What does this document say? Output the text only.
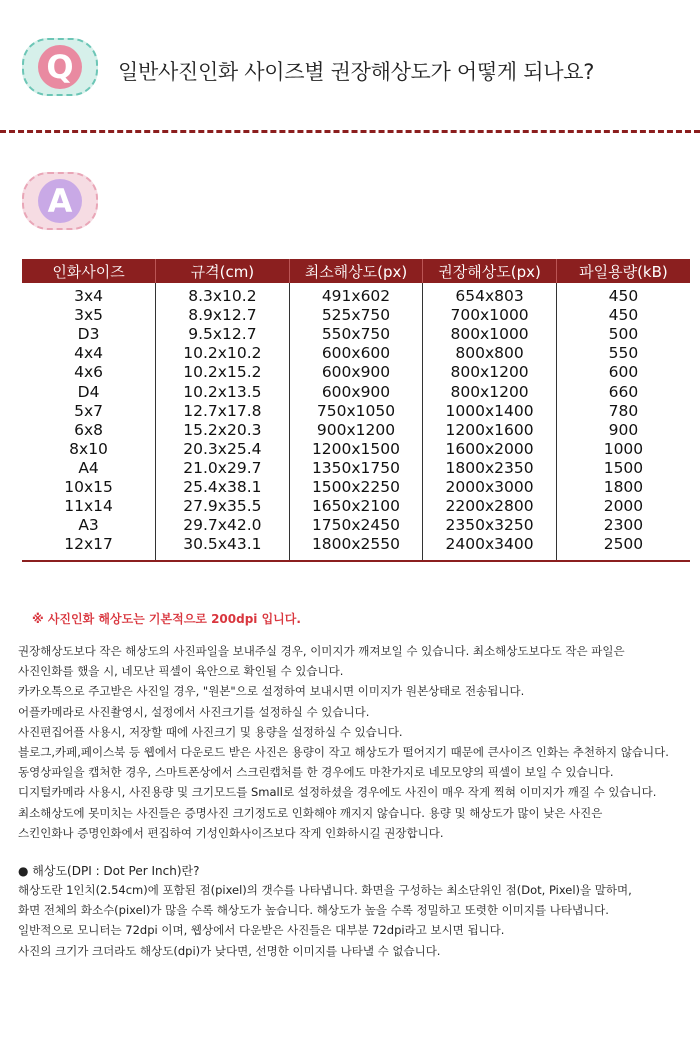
Q	일반사진인화 사이즈별 권장해상도가 어떻게 되나요?
A
인화사이즈	규격(cm)	최소해상도(px)	권장해상도(px)	파일용량(kB)
3x4	8.3x10.2	491x602	654x803	450
3x5	8.9x12.7	525x750	700x1000	450
D3	9.5x12.7	550x750	800x1000	500
4x4	10.2x10.2	600x600	800x800	550
4x6	10.2x15.2	600x900	800x1200	600
D4	10.2x13.5	600x900	800x1200	660
5x7	12.7x17.8	750x1050	1000x1400	780
6x8	15.2x20.3	900x1200	1200x1600	900
8x10	20.3x25.4	1200x1500	1600x2000	1000
A4	21.0x29.7	1350x1750	1800x2350	1500
10x15	25.4x38.1	1500x2250	2000x3000	1800
11x14	27.9x35.5	1650x2100	2200x2800	2000
A3	29.7x42.0	1750x2450	2350x3250	2300
12x17	30.5x43.1	1800x2550	2400x3400	2500
※ 사진인화 해상도는 기본적으로 200dpi 입니다.
권장해상도보다 작은 해상도의 사진파일을 보내주실 경우, 이미지가 깨져보일 수 있습니다. 최소해상도보다도 작은 파일은
사진인화를 했을 시, 네모난 픽셀이 육안으로 확인될 수 있습니다.
카카오톡으로 주고받은 사진일 경우, "원본"으로 설정하여 보내시면 이미지가 원본상태로 전송됩니다.
어플카메라로 사진촬영시, 설정에서 사진크기를 설정하실 수 있습니다.
사진편집어플 사용시, 저장할 때에 사진크기 및 용량을 설정하실 수 있습니다.
블로그,카페,페이스북 등 웹에서 다운로드 받은 사진은 용량이 작고 해상도가 떨어지기 때문에 큰사이즈 인화는 추천하지 않습니다.
동영상파일을 캡처한 경우, 스마트폰상에서 스크린캡처를 한 경우에도 마찬가지로 네모모양의 픽셀이 보일 수 있습니다.
디지털카메라 사용시, 사진용량 및 크기모드를 Small로 설정하셨을 경우에도 사진이 매우 작게 찍혀 이미지가 깨질 수 있습니다.
최소해상도에 못미치는 사진들은 증명사진 크기정도로 인화해야 깨지지 않습니다. 용량 및 해상도가 많이 낮은 사진은
스킨인화나 증명인화에서 편집하여 기성인화사이즈보다 작게 인화하시길 권장합니다.
● 해상도(DPI : Dot Per Inch)란?
해상도란 1인치(2.54cm)에 포함된 점(pixel)의 갯수를 나타냅니다. 화면을 구성하는 최소단위인 점(Dot, Pixel)을 말하며,
화면 전체의 화소수(pixel)가 많을 수록 해상도가 높습니다. 해상도가 높을 수록 정밀하고 또렷한 이미지를 나타냅니다.
일반적으로 모니터는 72dpi 이며, 웹상에서 다운받은 사진들은 대부분 72dpi라고 보시면 됩니다.
사진의 크기가 크더라도 해상도(dpi)가 낮다면, 선명한 이미지를 나타낼 수 없습니다.
